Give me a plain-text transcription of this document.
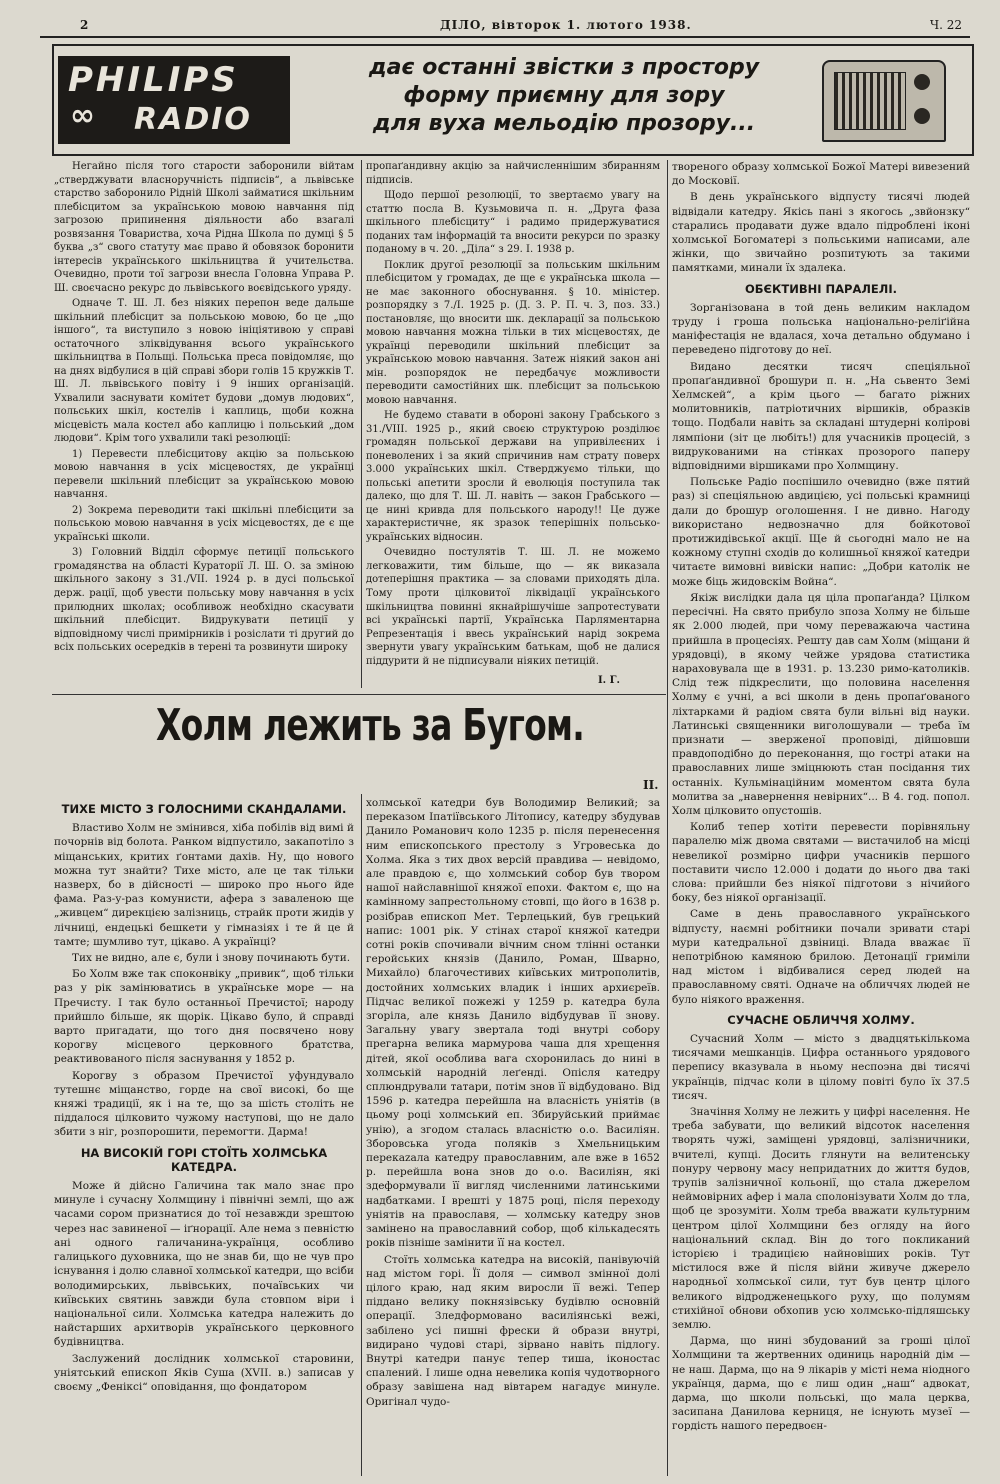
2	ДІЛО, вівторок 1. лютого 1938.	Ч. 22
PHILIPS
∞ RADIO
дає останні звістки з простору
форму приємну для зору
для вуха мельодію прозору...

Негайно після того старости заборонили війтам „стверджувати власноручність підписів“, а львівське старство заборонило Рідній Школі займатися шкільним плебісцитом за українською мовою навчання під загрозою припинення діяльности або взагалі розвязання Товариства, хоча Рідна Школа по думці § 5 буква „з“ свого статуту має право й обовязок боронити інтересів українського шкільництва й учительства. Очевидно, проти тої загрози внесла Головна Управа Р. Ш. своєчасно рекурс до львівського воєвідського уряду.

Одначе Т. Ш. Л. без ніяких перепон веде дальше шкільний плебісцит за польською мовою, бо це „що іншого“, та виступило з новою ініціятивою у справі остаточного зліквідування всього українського шкільництва в Польщі. Польська преса повідомляє, що на днях відбулися в цій справі збори голів 15 кружків Т. Ш. Л. львівського повіту і 9 інших організацій. Ухвалили заснувати комітет будови „домув людових“, польських шкіл, костелів і каплиць, щоби кожна місцевість мала костел або каплицю і польський „дом людови“. Крім того ухвалили такі резолюції:

1) Перевести плебісцитову акцію за польською мовою навчання в усіх місцевостях, де українці перевели шкільний плебісцит за українською мовою навчання.

2) Зокрема переводити такі шкільні плебісцити за польською мовою навчання в усіх місцевостях, де є ще українські школи.

3) Головний Відділ сформує петиції польського громадянства на області Кураторії Л. Ш. О. за зміною шкільного закону з 31./VII. 1924 р. в дусі польської держ. рації, щоб увести польську мову навчання в усіх прилюдних школах; особливож необхідно скасувати шкільний плебісцит. Видрукувати петиції у відповідному числі примірників і розіслати ті другий до всіх польських осередків в терені та розвинути широку

пропаґандивну акцію за найчисленнішим збиранням підписів.

Щодо першої резолюції, то звертаємо увагу на статтю посла В. Кузьмовича п. н. „Друга фаза шкільного плебісциту“ і радимо придержуватися поданих там інформацій та вносити рекурси по зразку поданому в ч. 20. „Діла“ з 29. І. 1938 р.

Поклик другої резолюції за польським шкільним плебісцитом у громадах, де ще є українська школа — не має законного обоснування. § 10. міністер. розпорядку з 7./І. 1925 р. (Д. З. Р. П. ч. 3, поз. 33.) постановляє, що вносити шк. декларації за польською мовою навчання можна тільки в тих місцевостях, де українці переводили шкільний плебісцит за українською мовою навчання. Затеж ніякий закон ані мін. розпорядок не передбачує можливости переводити самостійних шк. плебісцит за польською мовою навчання.

Не будемо ставати в обороні закону Грабського з 31./VIII. 1925 р., який своєю структурою розділює громадян польської держави на упривілеєних і поневолених і за який спричинив нам страту поверх 3.000 українських шкіл. Стверджуємо тільки, що польські апетити зросли й еволюція поступила так далеко, що для Т. Ш. Л. навіть — закон Грабського — це нині кривда для польського народу!! Це дуже характеристичне, як зразок теперішніх польсько-українських відносин.

Очевидно постулятів Т. Ш. Л. не можемо легковажити, тим більше, що — як виказала дотеперішня практика — за словами приходять діла. Тому проти цілковитої ліквідації українського шкільництва повинні якнайрішучіше запротестувати всі українські партії, Українська Парляментарна Репрезентація і ввесь український нарід зокрема звернути увагу українським батькам, щоб не далися піддурити й не підписували ніяких петицій.

І. Г.

твореного образу холмської Божої Матері вивезений до Московії.

В день українського відпусту тисячі людей відвідали катедру. Якісь пані з якогось „звйонзку“ старались продавати дуже вдало підроблені іконі холмської Богоматері з польськими написами, але жінки, що звичайно розпитують за такими памятками, минали їх здалека.

ОБЄКТИВНІ ПАРАЛЕЛІ.

Зорганізована в той день великим накладом труду і гроша польська національно-реліґійна маніфестація не вдалася, хоча детально обдумано і переведено підготову до неї.

Видано десятки тисяч спеціяльної пропаґандивної брошури п. н. „На сьвенто Земі Хелмскей“, а крім цього — багато ріжних молитовників, патріотичних віршиків, образків тощо. Подбали навіть за складані штудерні колірові лямпіони (зіт це любіть!) для учасників процесій, з видрукованими на стінках прозорого паперу відповідними віршиками про Холмщину.

Польське Радіо поспішило очевидно (вже пятий раз) зі спеціяльною авдицією, усі польські крамниці дали до брошур оголошення. І не дивно. Нагоду використано недвозначно для бойкотової протижидівської акції. Ще й сьогодні мало не на кожному ступні сходів до колишньої княжої катедри читаєте вимовні вивіски напис: „Добри католік не може біць жидовскім Война“.

Якіж вислідки дала ця ціла пропаґанда? Цілком пересічні. На свято прибуло зпоза Холму не більше як 2.000 людей, при чому переважаюча частина прийшла в процесіях. Решту дав сам Холм (міщани й урядовці), в якому чейже урядова статистика нараховувала ще в 1931. р. 13.230 римо-католиків. Слід теж підкреслити, що половина населення Холму є учні, а всі школи в день пропаґованого ліхтарками й радіом свята були вільні від науки. Латинські священники виголошували — треба їм признати — зверженої проповіді, дійшовши правдоподібно до переконання, що гострі атаки на православних лише зміцнюють стан посідання тих останніх. Кульмінаційним моментом свята була молитва за „навернення невірних“... В 4. год. попол. Холм цілковито опустошів.

Колиб тепер хотіти перевести порівняльну паралелю між двома святами — вистачилоб на місці невеликої розмірно цифри учасників першого поставити число 12.000 і додати до нього два такі слова: прийшли без ніякої підготови з нічийого боку, без ніякої організації.

Саме в день православного українського відпусту, наємні робітники почали зривати старі мури катедральної дзвіниці. Влада вважає її непотрібною камяною брилою. Детонації гриміли над містом і відбивалися серед людей на православному святі. Одначе на обличчях людей не було ніякого враження.

СУЧАСНЕ ОБЛИЧЧЯ ХОЛМУ.

Сучасний Холм — місто з двадцятькількома тисячами мешканців. Цифра останнього урядового перепису вказувала в ньому неспоэна дві тисячі українців, підчас коли в цілому повіті було їх 37.5 тисяч.

Значіння Холму не лежить у цифрі населення. Не треба забувати, що великий відсоток населення творять чужі, заміщені урядовці, залізничники, вчителі, купці. Досить глянути на велитенську понуру червону масу непридатних до життя будов, трупів залізничної кольонії, що стала джерелом неймовірних афер і мала сполонізувати Холм до тла, щоб це зрозуміти. Холм треба вважати культурним центром цілої Холмщини без огляду на його національний склад. Він до того покликаний історією і традицією найновіших років. Тут містилося вже й після війни живуче джерело народньої холмської сили, тут був центр цілого великого відродженецького руху, що полумям стихійної обнови обхопив усю холмсько-підляшську землю.

Дарма, що нині збудований за гроші цілої Холмщини та жертвенних одиниць народній дім — не наш. Дарма, що на 9 лікарів у місті нема ніодного українця, дарма, що є лиш один „наш“ адвокат, дарма, що школи польські, що мала церква, засипана Данилова керниця, не існують музеї — гордість нашого передвоєн-

Холм лежить за Бугом.
II.
ТИХЕ МІСТО З ГОЛОСНИМИ СКАНДАЛАМИ.

Властиво Холм не змінився, хіба побілів від вимі й почорнів від болота. Ранком відпустило, закапотіло з міщанських, критих ґонтами дахів. Ну, що нового можна тут знайти? Тихе місто, але це так тільки назверх, бо в дійсності — широко про нього йде фама. Раз-у-раз комунисти, афера з заваленою ще „живцем“ дирекцією залізниць, страйк проти жидів у лічниці, ендецькі бешкети у гімназіях і те й це й тамте; шумливо тут, цікаво. А українці?

Тих не видно, але є, були і знову починають бути.

Бо Холм вже так споконвіку „привик“, щоб тільки раз у рік замінюватись в українське море — на Пречисту. І так було останньої Пречистої; народу прийшло більше, як щорік. Цікаво було, й справді варто пригадати, що того дня посвячено нову корогву місцевого церковного братства, реактивованого після заснування у 1852 р.

Корогву з образом Пречистої уфундувало тутешнє міщанство, горде на свої високі, бо ще княжі традиції, як і на те, що за шість століть не піддалося цілковито чужому наступові, що не дало збити з ніг, розпорошити, перемогти. Дарма!

НА ВИСОКІЙ ГОРІ СТОЇТЬ ХОЛМСЬКА КАТЕДРА.

Може й дійсно Галичина так мало знає про минуле і сучасну Холмщину і північні землі, що аж часами сором признатися до тої незавжди зрештою через нас завиненої — іґнорації. Але нема з певністю ані одного галичанина-українця, особливо галицького духовника, що не знав би, що не чув про існування і долю славної холмської катедри, що всіби володимирських, львівських, почаївських чи київських святинь завжди була стовпом віри і національної сили. Холмська катедра належить до найстарших архитворів українського церковного будівництва.

Заслужений дослідник холмської старовини, уніятський епископ Яків Суша (XVII. в.) записав у своєму „Феніксі“ оповідання, що фондатором

холмської катедри був Володимир Великий; за переказом Іпатіївського Літопису, катедру збудував Данило Романович коло 1235 р. після перенесення ним епископського престолу з Угровеська до Холма. Яка з тих двох версій правдива — невідомо, але правдою є, що холмський собор був твором нашої найславнішої княжої епохи. Фактом є, що на камінному запрестольному стовпі, що його в 1638 р. розібрав епископ Мет. Терлецький, був грецький напис: 1001 рік. У стінах старої княжої катедри сотні років спочивали вічним сном тлінні останки геройських князів (Данило, Роман, Шварно, Михайло) благочестивих київських митрополитів, достойних холмських владик і інших архиєреїв. Підчас великої пожежі у 1259 р. катедра була згоріла, але князь Данило відбудував її знову. Загальну увагу звертала тоді внутрі собору прегарна велика мармурова чаша для хрещення дітей, якої особлива вага схоронилась до нині в холмській народній леґенді. Опісля катедру сплюндрували татари, потім знов її відбудовано. Від 1596 р. катедра перейшла на власність уніятів (в цьому році холмський еп. Збируйський приймає унію), а згодом сталась власністю о.о. Василіян. Зборовська угода поляків з Хмельницьким перекazала катедру православним, але вже в 1652 р. перейшла вона знов до о.о. Василіян, які здеформували її вигляд численними латинськими надбатками. І врешті у 1875 році, після переходу уніятів на православя, — холмську катедру знов замінено на православний собор, щоб кількадесять років пізніше замінити її на костел.

Стоїть холмська катедра на високій, панівуючій над містом горі. Її доля — символ змінної долі цілого краю, над яким виросли її вежі. Тепер піддано велику покнязівську будівлю основній операції. Зледформовано василіянські вежі, забілено усі пишні фрески й образи внутрі, видирано чудові старі, зірвано навіть підлогу. Внутрі катедри панує тепер тиша, іконостас спалений. І лише одна невелика копія чудотворного образу завішена над вівтарем нагадує минуле. Оригінал чудо-
